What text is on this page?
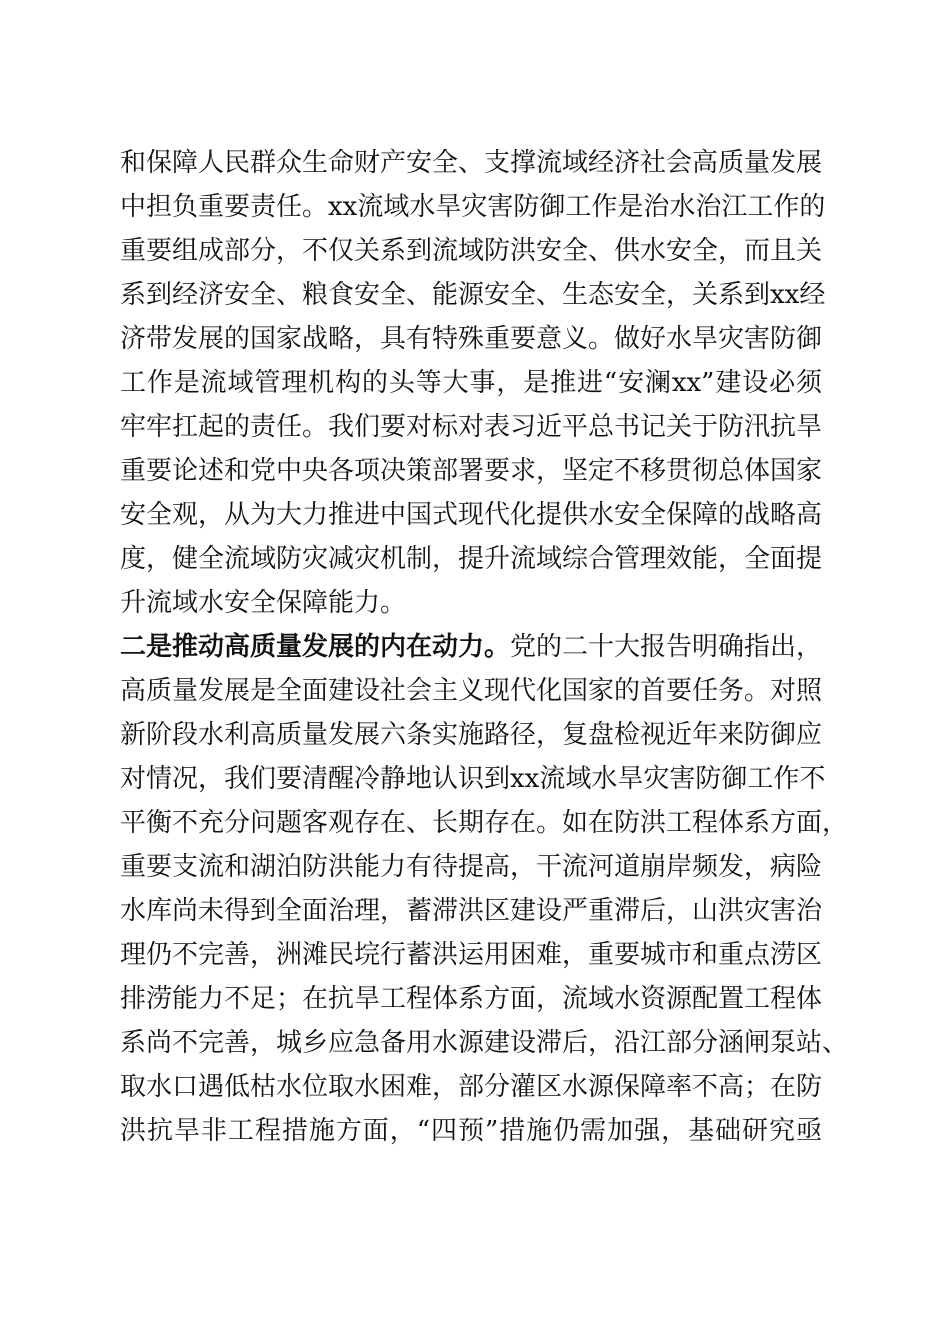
和保障人民群众生命财产安全、支撑流域经济社会高质量发展
中担负重要责任。xx流域水旱灾害防御工作是治水治江工作的
重要组成部分，不仅关系到流域防洪安全、供水安全，而且关
系到经济安全、粮食安全、能源安全、生态安全，关系到xx经
济带发展的国家战略，具有特殊重要意义。做好水旱灾害防御
工作是流域管理机构的头等大事，是推进“安澜xx”建设必须
牢牢扛起的责任。我们要对标对表习近平总书记关于防汛抗旱
重要论述和党中央各项决策部署要求，坚定不移贯彻总体国家
安全观，从为大力推进中国式现代化提供水安全保障的战略高
度，健全流域防灾减灾机制，提升流域综合管理效能，全面提
升流域水安全保障能力。
二是推动高质量发展的内在动力。 党的二十大报告明确指出，
高质量发展是全面建设社会主义现代化国家的首要任务。对照
新阶段水利高质量发展六条实施路径，复盘检视近年来防御应
对情况，我们要清醒冷静地认识到xx流域水旱灾害防御工作不
平衡不充分问题客观存在、长期存在。如在防洪工程体系方面，
重要支流和湖泊防洪能力有待提高，干流河道崩岸频发，病险
水库尚未得到全面治理，蓄滞洪区建设严重滞后，山洪灾害治
理仍不完善，洲滩民垸行蓄洪运用困难，重要城市和重点涝区
排涝能力不足；在抗旱工程体系方面，流域水资源配置工程体
系尚不完善，城乡应急备用水源建设滞后，沿江部分涵闸泵站、
取水口遇低枯水位取水困难，部分灌区水源保障率不高；在防
洪抗旱非工程措施方面，“四预”措施仍需加强，基础研究亟
